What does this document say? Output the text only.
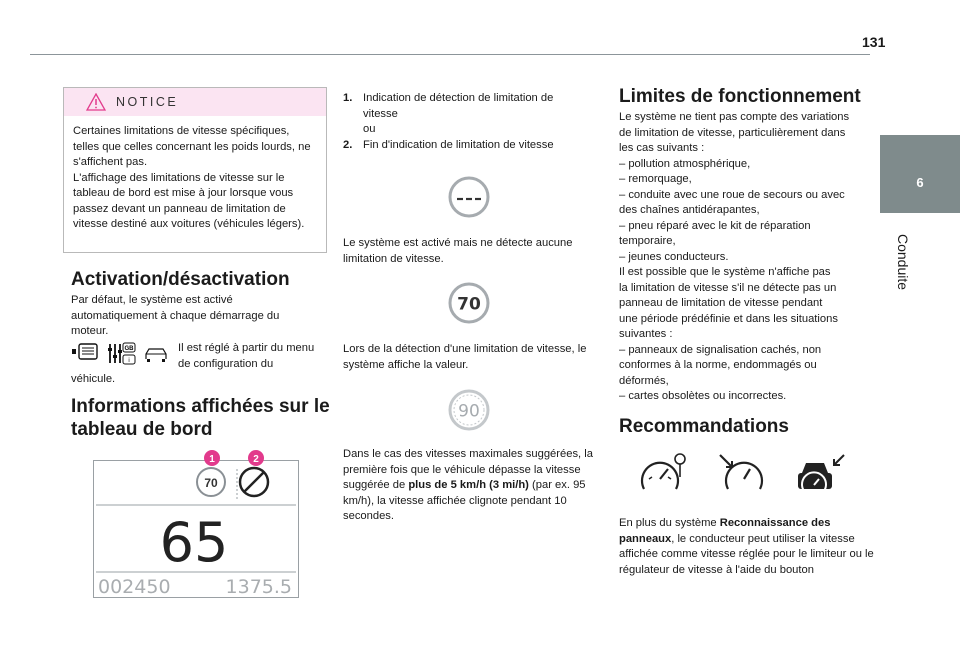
131
6
Conduite
NOTICE
Certaines limitations de vitesse spécifiques, telles que celles concernant les poids lourds, ne s'affichent pas.
L'affichage des limitations de vitesse sur le tableau de bord est mise à jour lorsque vous passez devant un panneau de limitation de vitesse destiné aux voitures (véhicules légers).
Activation/désactivation
Par défaut, le système est activé automatiquement à chaque démarrage du moteur.
GB
i
Il est réglé à partir du menu
de configuration du
véhicule.
Informations affichées sur le
tableau de bord
70
65
002450	1375.5
1	2
1. Indication de détection de limitation de vitesse
ou
2. Fin d'indication de limitation de vitesse
Le système est activé mais ne détecte aucune limitation de vitesse.
70
Lors de la détection d'une limitation de vitesse, le système affiche la valeur.
90
Dans le cas des vitesses maximales suggérées, la première fois que le véhicule dépasse la vitesse suggérée de plus de 5 km/h (3 mi/h) (par ex. 95 km/h), la vitesse affichée clignote pendant 10 secondes.
Limites de fonctionnement
Le système ne tient pas compte des variations
de limitation de vitesse, particulièrement dans
les cas suivants :
– pollution atmosphérique,
– remorquage,
– conduite avec une roue de secours ou avec
des chaînes antidérapantes,
– pneu réparé avec le kit de réparation
temporaire,
– jeunes conducteurs.
Il est possible que le système n'affiche pas
la limitation de vitesse s'il ne détecte pas un
panneau de limitation de vitesse pendant
une période prédéfinie et dans les situations
suivantes :
– panneaux de signalisation cachés, non
conformes à la norme, endommagés ou
déformés,
– cartes obsolètes ou incorrectes.
Recommandations
En plus du système Reconnaissance des panneaux, le conducteur peut utiliser la vitesse affichée comme vitesse réglée pour le limiteur ou le régulateur de vitesse à l'aide du bouton
